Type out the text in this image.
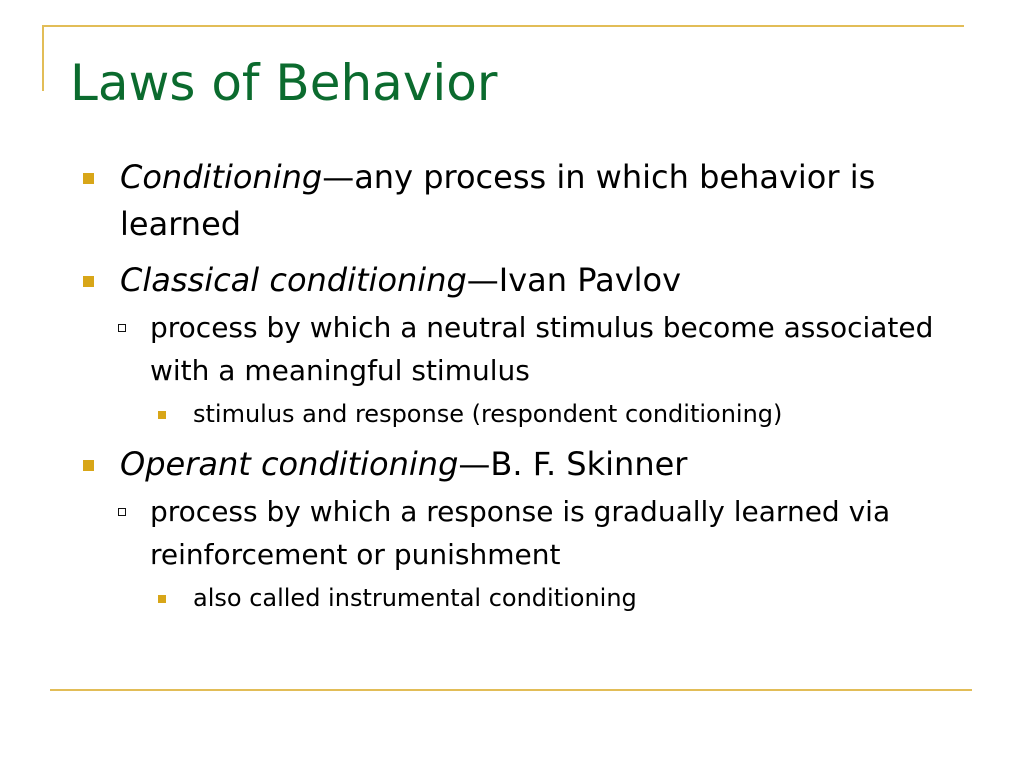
Laws of Behavior
Conditioning—any process in which behavior is learned
Classical conditioning—Ivan Pavlov
process by which a neutral stimulus become associated with a meaningful stimulus
stimulus and response (respondent conditioning)
Operant conditioning—B. F. Skinner
process by which a response is gradually learned via reinforcement or punishment
also called instrumental conditioning
